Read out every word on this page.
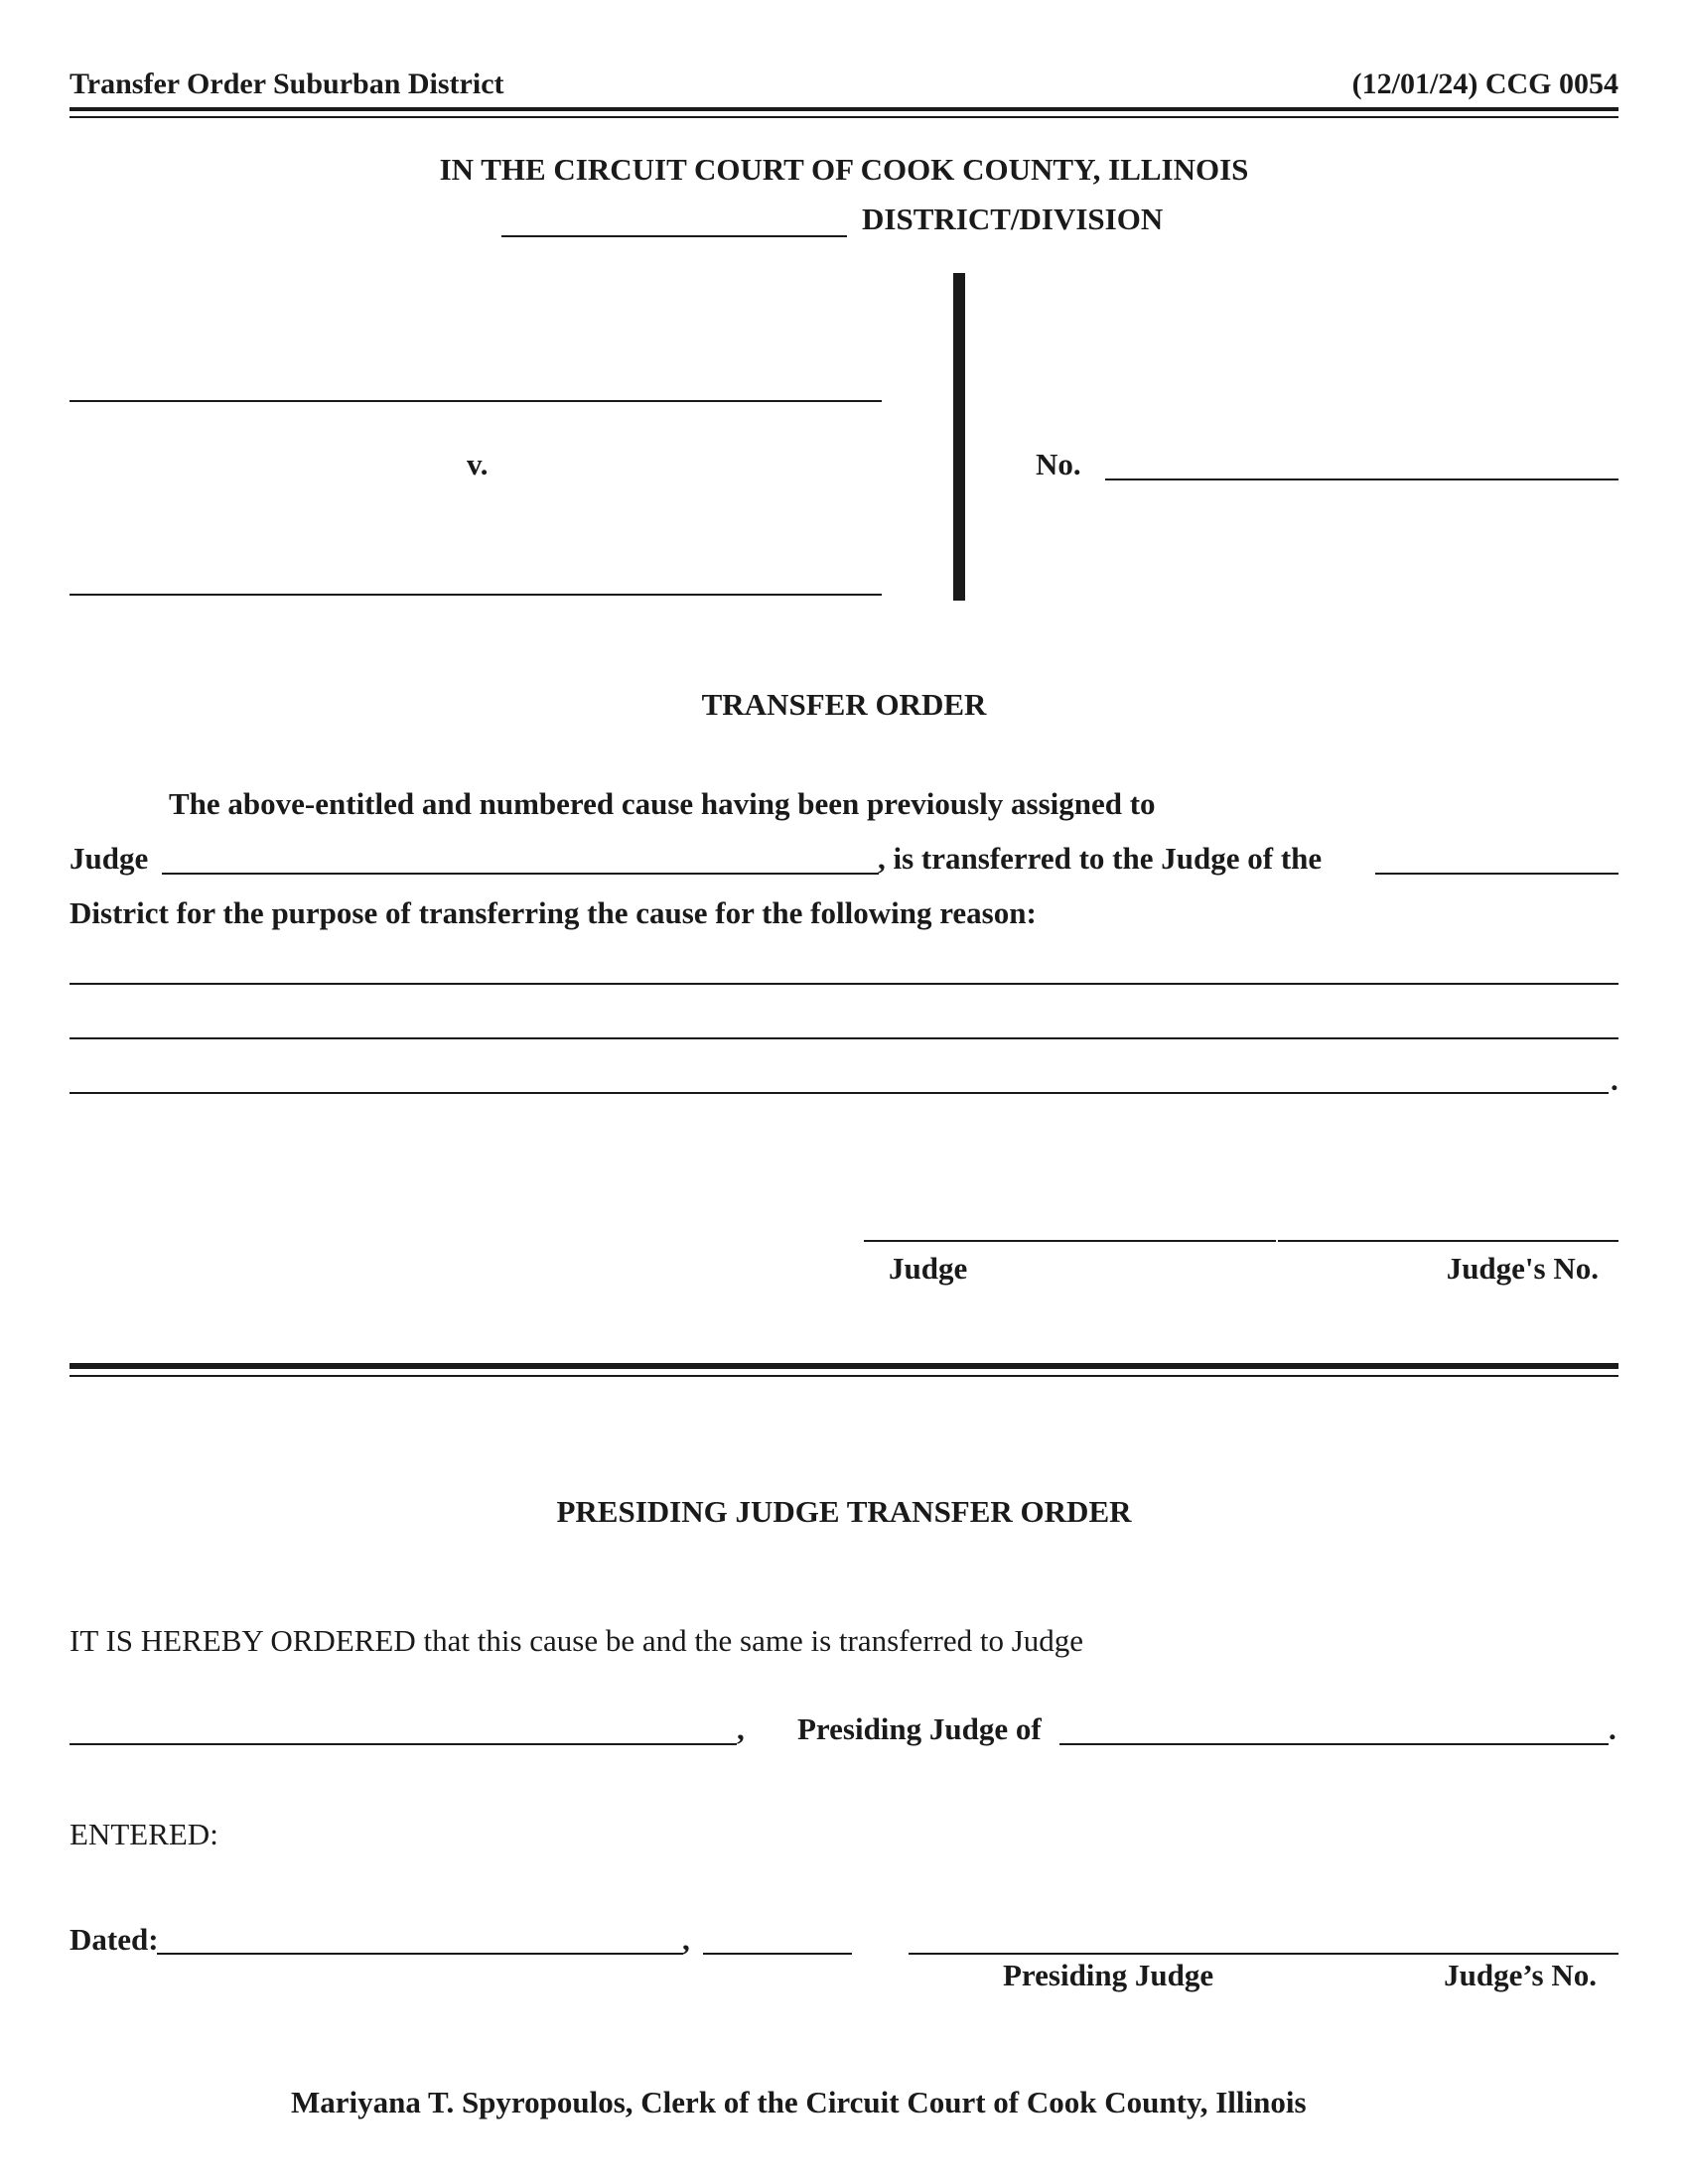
Transfer Order Suburban District	(12/01/24) CCG 0054
IN THE CIRCUIT COURT OF COOK COUNTY, ILLINOIS
DISTRICT/DIVISION
v.	No.
TRANSFER ORDER
The above-entitled and numbered cause having been previously assigned to
Judge	, is transferred to the Judge of the
District for the purpose of transferring the cause for the following reason:
.
Judge	Judge's No.
PRESIDING JUDGE TRANSFER ORDER
IT IS HEREBY ORDERED that this cause be and the same is transferred to Judge
, Presiding Judge of	.
ENTERED:
Dated:	,
Presiding Judge	Judge’s No.
Mariyana T. Spyropoulos, Clerk of the Circuit Court of Cook County, Illinois
